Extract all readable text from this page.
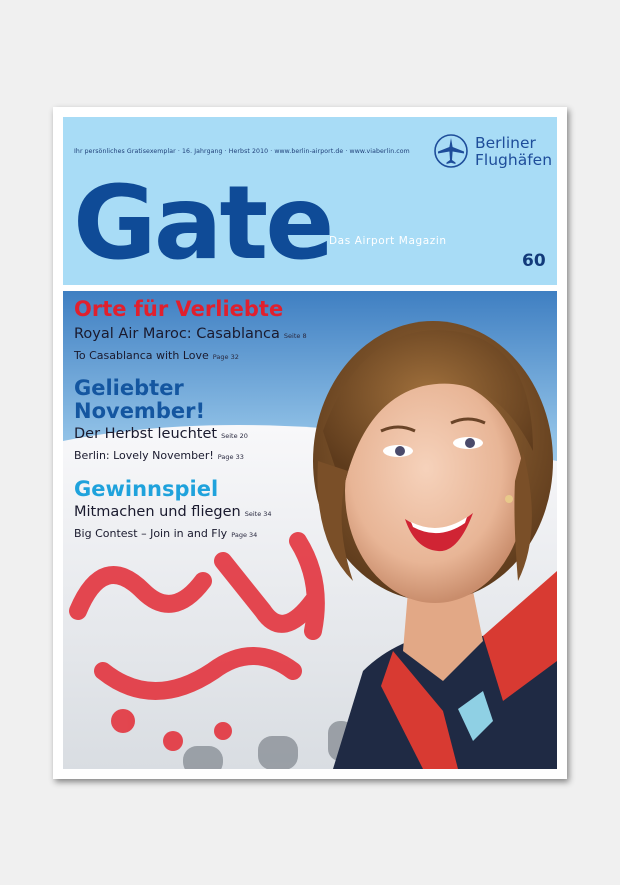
Ihr persönliches Gratisexemplar · 16. Jahrgang · Herbst 2010 · www.berlin-airport.de · www.viaberlin.com	Berliner
Flughäfen
Gate
Das Airport Magazin
60
Orte für Verliebte
Royal Air Maroc: Casablanca Seite 8
To Casablanca with Love Page 32
Geliebter
November!
Der Herbst leuchtet Seite 20
Berlin: Lovely November! Page 33
Gewinnspiel
Mitmachen und fliegen Seite 34
Big Contest – Join in and Fly Page 34
